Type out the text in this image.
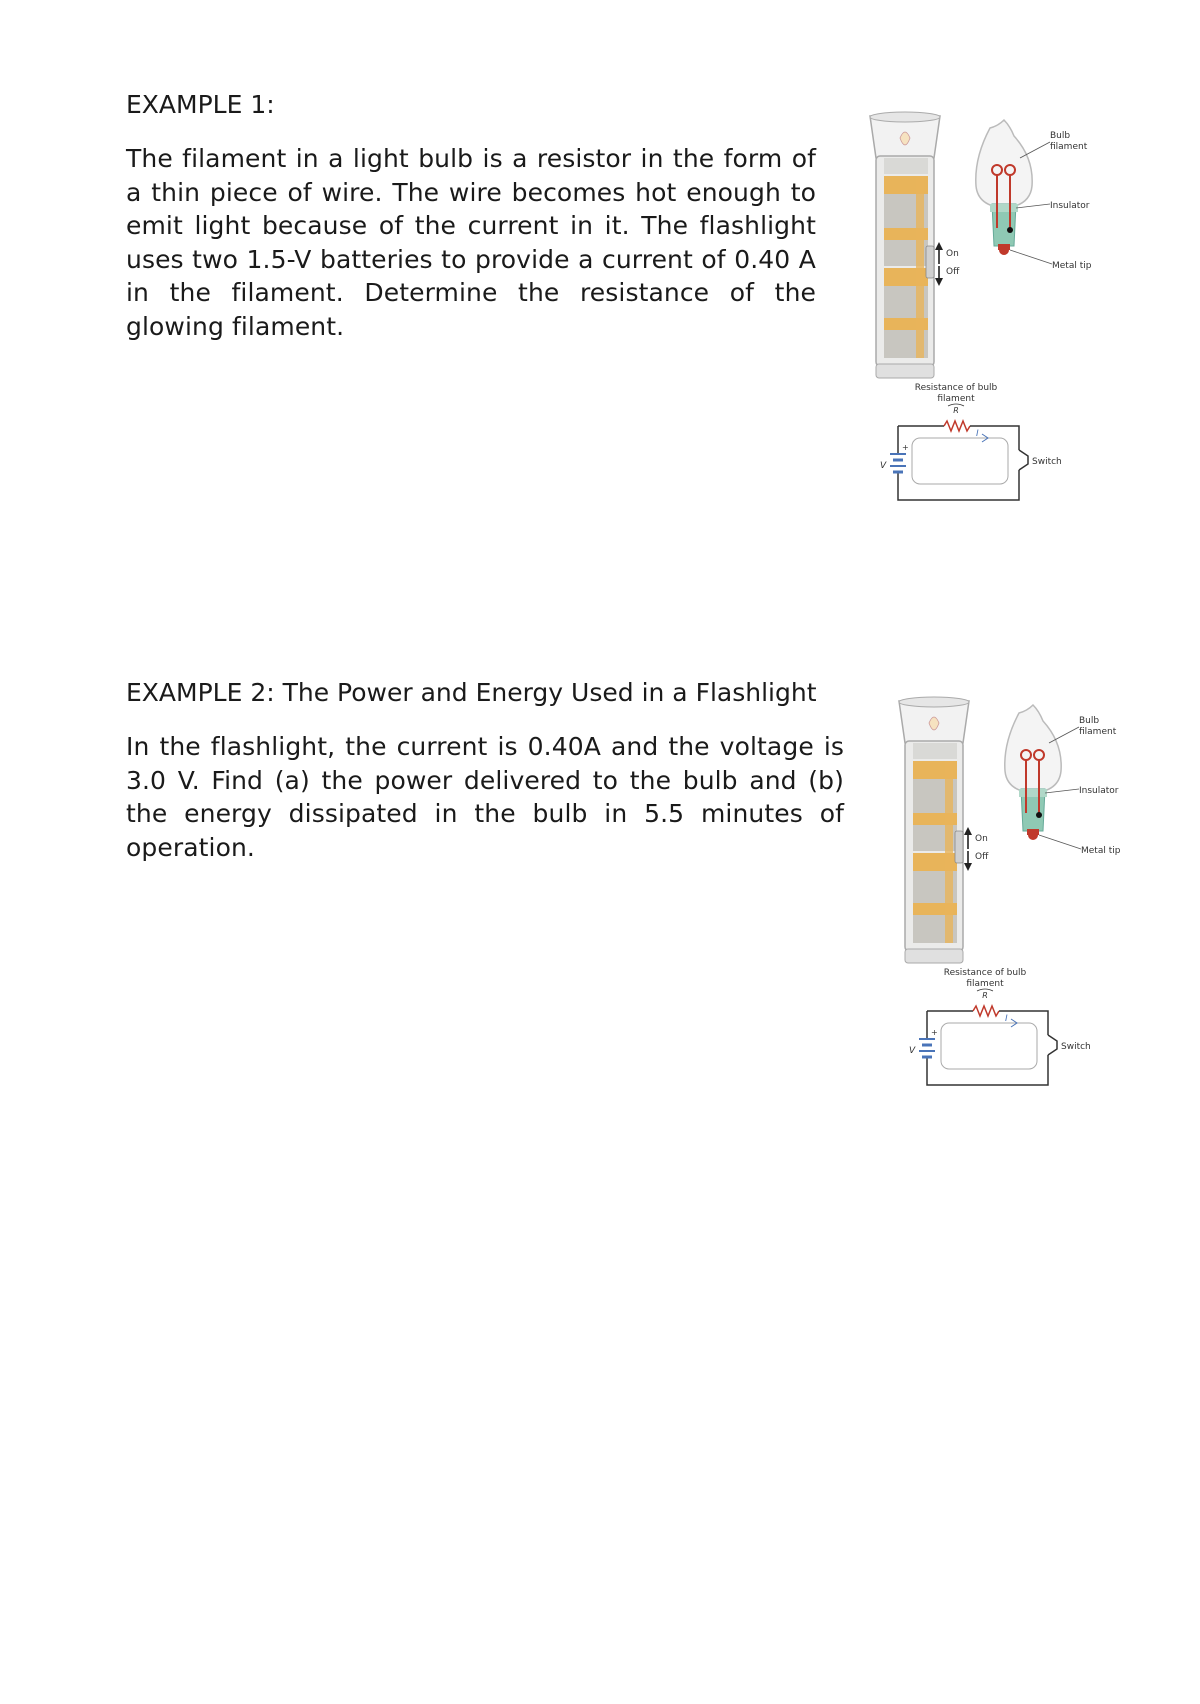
EXAMPLE 1:

The filament in a light bulb is a resistor in the form of a thin piece of wire. The wire becomes hot enough to emit light because of the current in it. The flashlight uses two 1.5-V batteries to provide a current of 0.40 A in the filament. Determine the resistance of the glowing filament.

EXAMPLE 2: The Power and Energy Used in a Flashlight

In the flashlight, the current is 0.40A and the voltage is 3.0 V. Find (a) the power delivered to the bulb and (b) the energy dissipated in the bulb in 5.5 minutes of operation.

On
Off
Bulb
filament
Insulator
Metal tip
Resistance of bulb
filament
R
+
V	Switch
I
On
Off
Bulb
filament
Insulator
Metal tip
Resistance of bulb
filament
R
+
V	Switch
I
